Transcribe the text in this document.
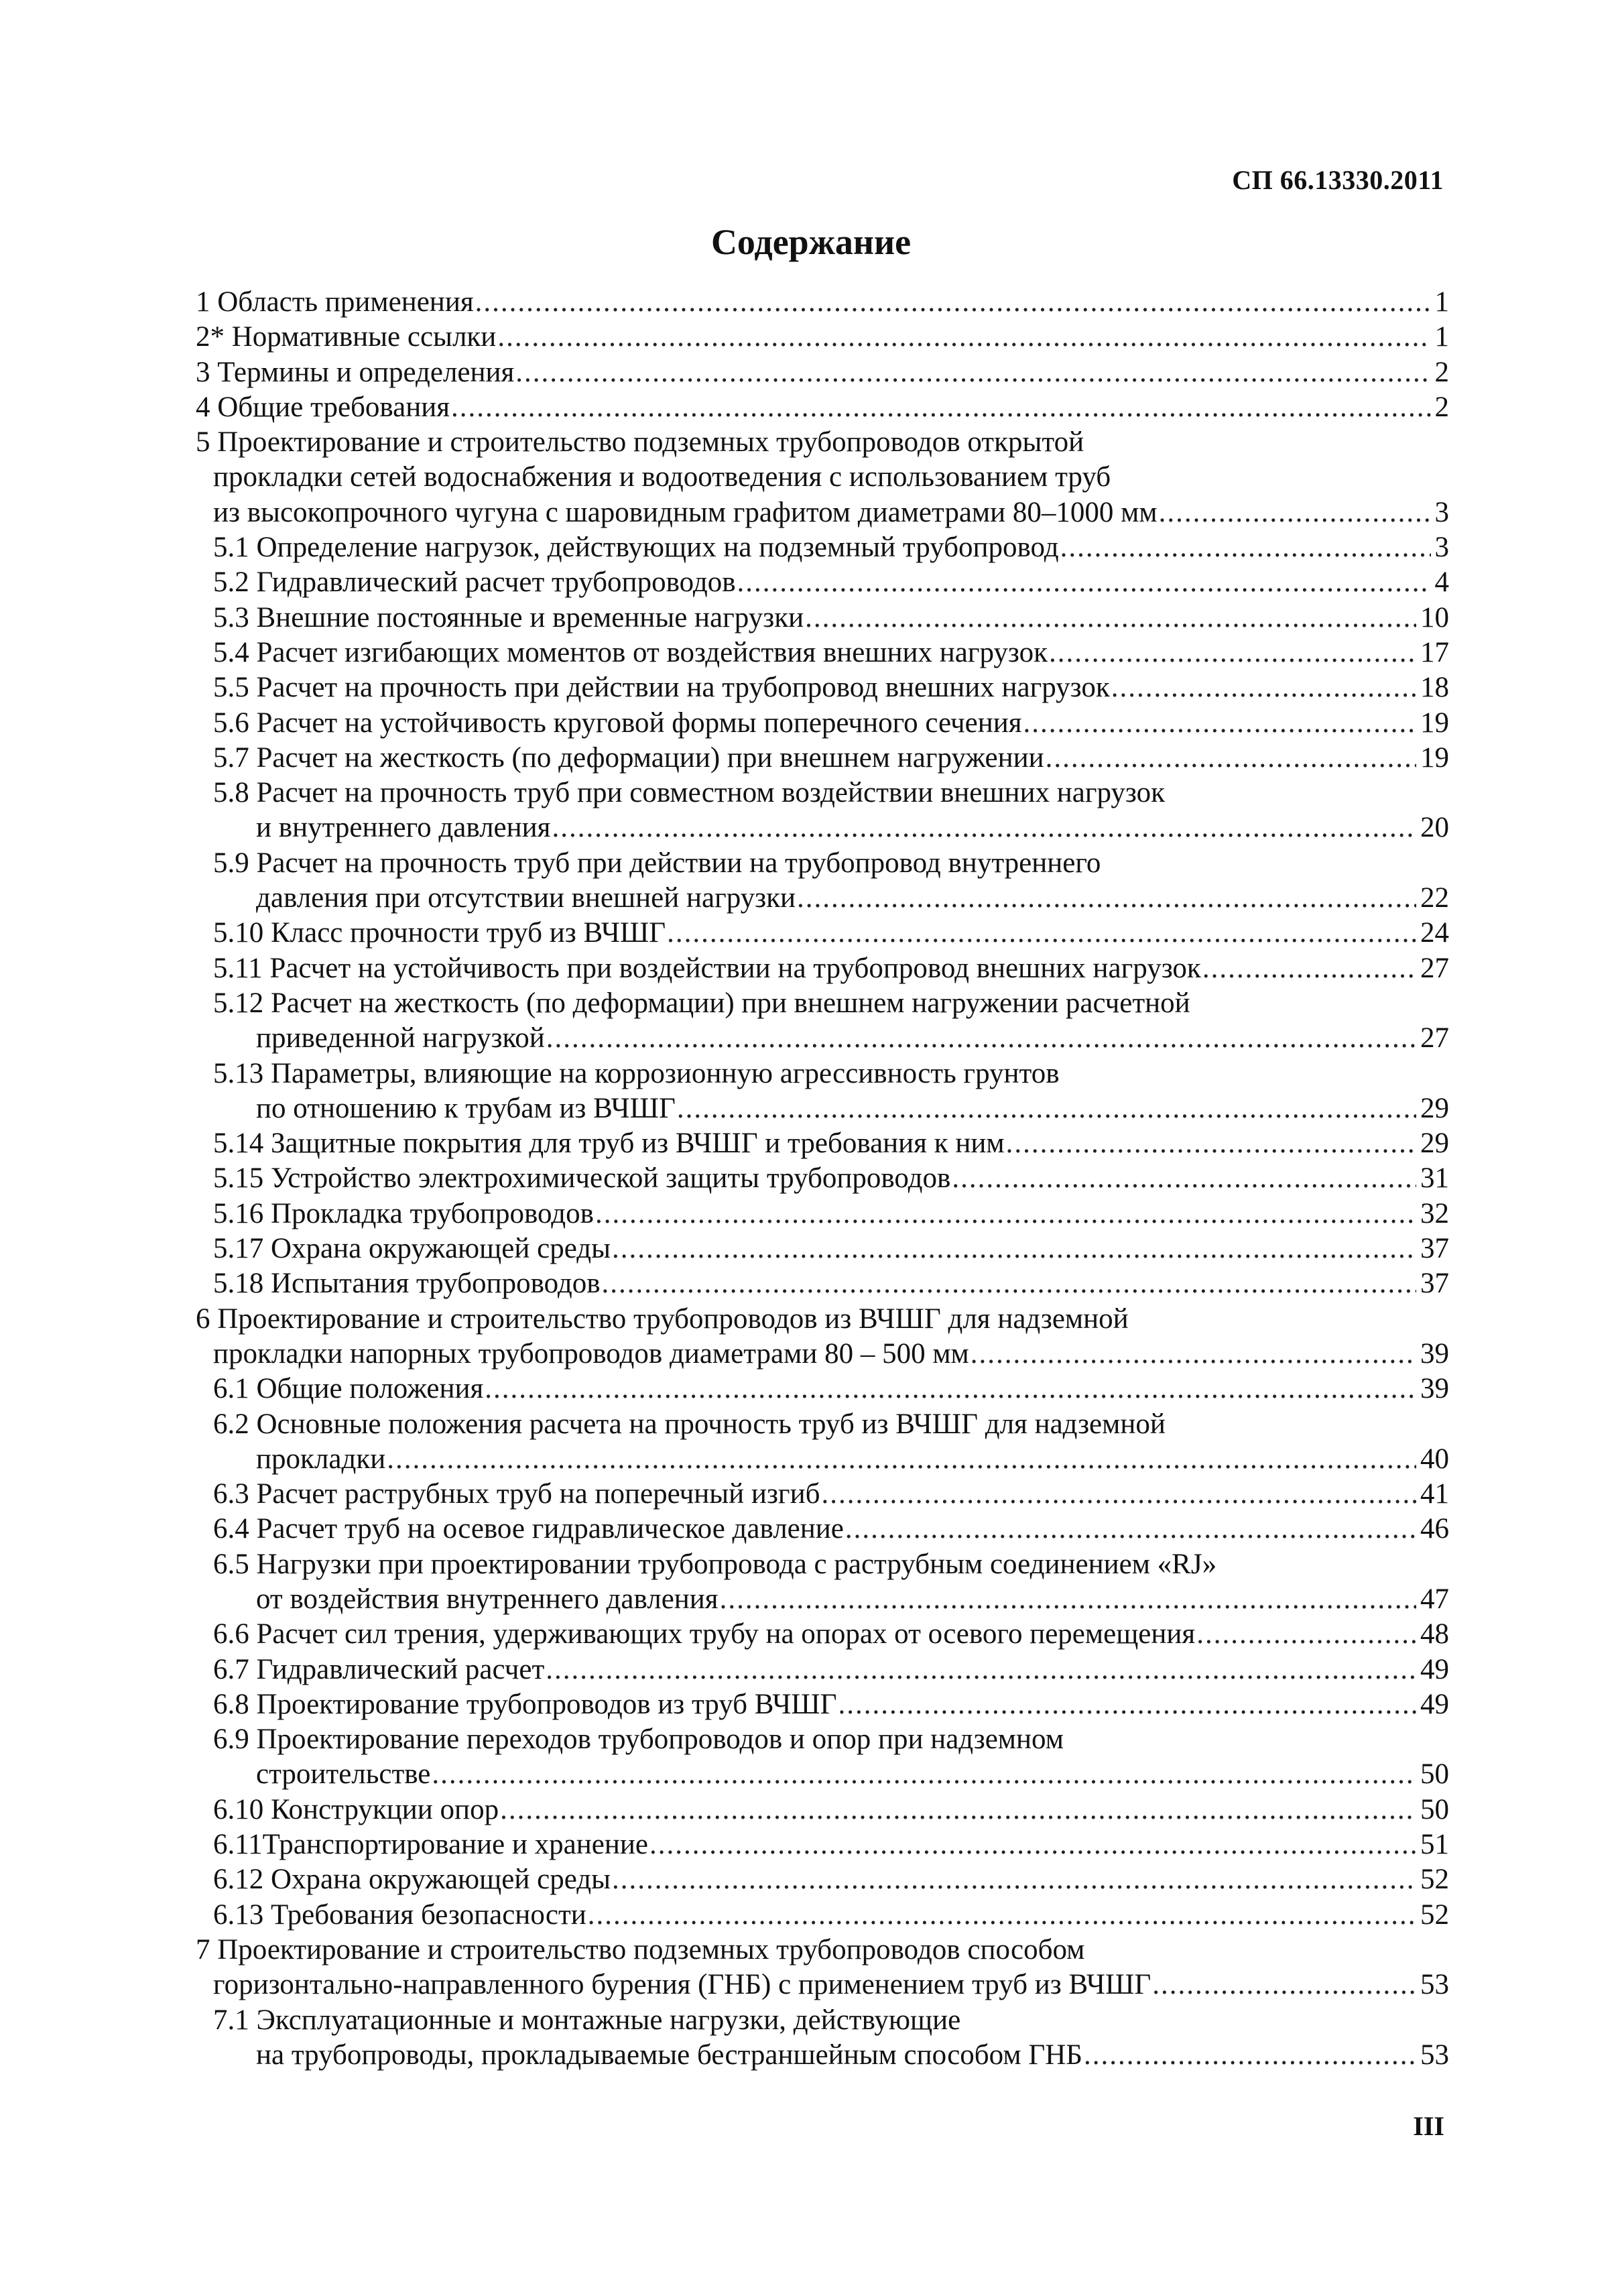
СП 66.13330.2011
Содержание
1 Область применения .....	1
2* Нормативные ссылки .....	1
3 Термины и определения .....	2
4 Общие требования .....	2
5 Проектирование и строительство подземных трубопроводов открытой
прокладки сетей водоснабжения и водоотведения с использованием труб
из высокопрочного чугуна с шаровидным графитом диаметрами 80–1000 мм .....	3
5.1 Определение нагрузок, действующих на подземный трубопровод .....	3
5.2 Гидравлический расчет трубопроводов .....	4
5.3 Внешние постоянные и временные нагрузки .....	10
5.4 Расчет изгибающих моментов от воздействия внешних нагрузок .....	17
5.5 Расчет на прочность при действии на трубопровод внешних нагрузок .....	18
5.6 Расчет на устойчивость круговой формы поперечного сечения .....	19
5.7 Расчет на жесткость (по деформации) при внешнем нагружении .....	19
5.8 Расчет на прочность труб при совместном воздействии внешних нагрузок
и внутреннего давления .....	20
5.9 Расчет на прочность труб при действии на трубопровод внутреннего
давления при отсутствии внешней нагрузки .....	22
5.10 Класс прочности труб из ВЧШГ .....	24
5.11 Расчет на устойчивость при воздействии на трубопровод внешних нагрузок .....	27
5.12 Расчет на жесткость (по деформации) при внешнем нагружении расчетной
приведенной нагрузкой .....	27
5.13 Параметры, влияющие на коррозионную агрессивность грунтов
по отношению к трубам из ВЧШГ .....	29
5.14 Защитные покрытия для труб из ВЧШГ и требования к ним .....	29
5.15 Устройство электрохимической защиты трубопроводов .....	31
5.16 Прокладка трубопроводов .....	32
5.17 Охрана окружающей среды .....	37
5.18 Испытания трубопроводов .....	37
6 Проектирование и строительство трубопроводов из ВЧШГ для надземной
прокладки напорных трубопроводов диаметрами 80 – 500 мм .....	39
6.1 Общие положения .....	39
6.2 Основные положения расчета на прочность труб из ВЧШГ для надземной
прокладки .....	40
6.3 Расчет раструбных труб на поперечный изгиб .....	41
6.4 Расчет труб на осевое гидравлическое давление .....	46
6.5 Нагрузки при проектировании трубопровода с раструбным соединением «RJ»
от воздействия внутреннего давления .....	47
6.6 Расчет сил трения, удерживающих трубу на опорах от осевого перемещения .....	48
6.7 Гидравлический расчет .....	49
6.8 Проектирование трубопроводов из труб ВЧШГ .....	49
6.9 Проектирование переходов трубопроводов и опор при надземном
строительстве .....	50
6.10 Конструкции опор .....	50
6.11Транспортирование и хранение .....	51
6.12 Охрана окружающей среды .....	52
6.13 Требования безопасности .....	52
7 Проектирование и строительство подземных трубопроводов способом
горизонтально-направленного бурения (ГНБ) с применением труб из ВЧШГ .....	53
7.1 Эксплуатационные и монтажные нагрузки, действующие
на трубопроводы, прокладываемые бестраншейным способом ГНБ .....	53
III
